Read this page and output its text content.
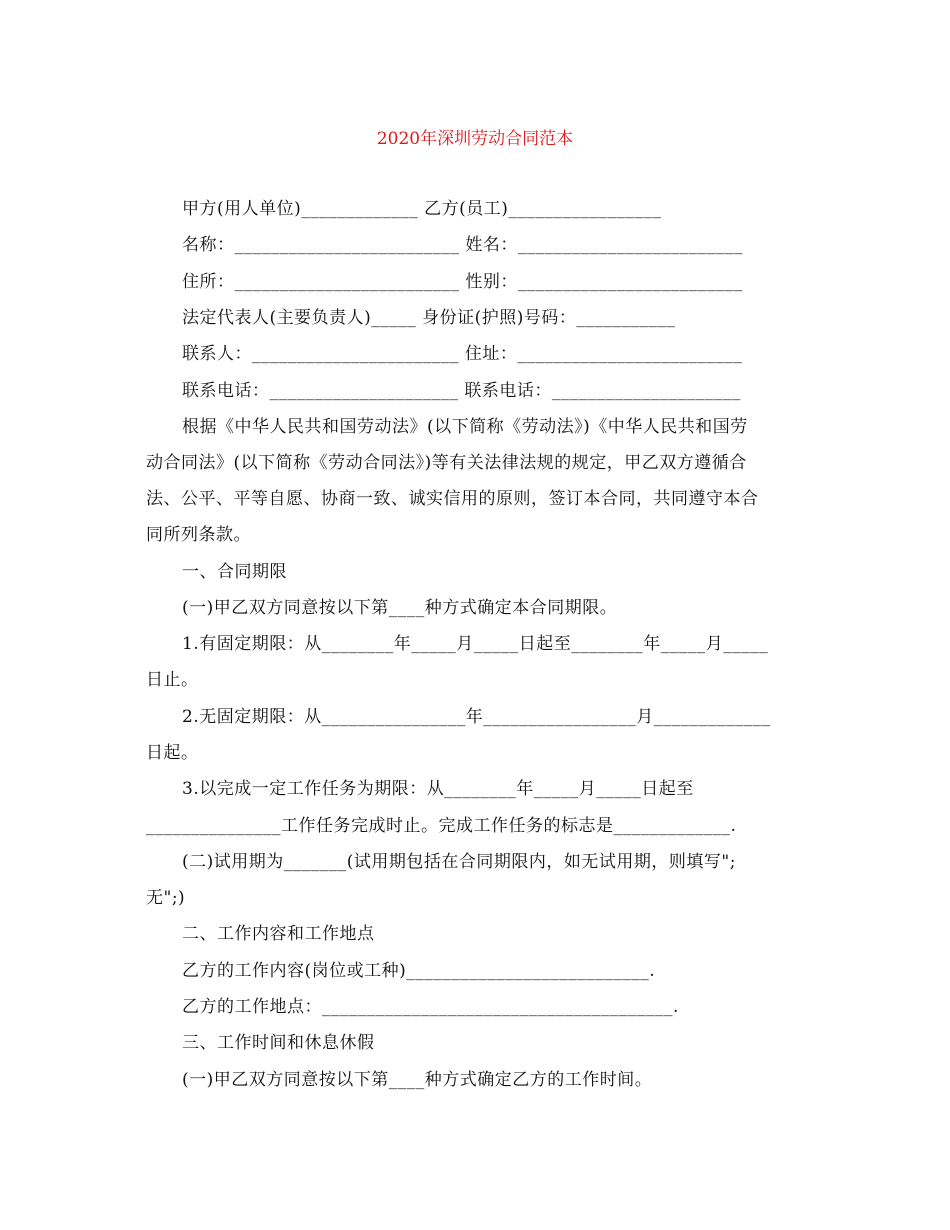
2020年深圳劳动合同范本
甲方(用人单位)_____________ 乙方(员工)_________________
名称：_________________________ 姓名：_________________________
住所：_________________________ 性别：_________________________
法定代表人(主要负责人)_____ 身份证(护照)号码：___________
联系人：_______________________ 住址：_________________________
联系电话：_____________________ 联系电话：_____________________
根据《中华人民共和国劳动法》(以下简称《劳动法》)《中华人民共和国劳
动合同法》(以下简称《劳动合同法》)等有关法律法规的规定，甲乙双方遵循合
法、公平、平等自愿、协商一致、诚实信用的原则，签订本合同，共同遵守本合
同所列条款。
一、合同期限
(一)甲乙双方同意按以下第____种方式确定本合同期限。
1.有固定期限：从________年_____月_____日起至________年_____月_____
日止。
2.无固定期限：从________________年_________________月_____________
日起。
3.以完成一定工作任务为期限：从________年_____月_____日起至
_______________工作任务完成时止。完成工作任务的标志是_____________.
(二)试用期为_______(试用期包括在合同期限内，如无试用期，则填写";
无";)
二、工作内容和工作地点
乙方的工作内容(岗位或工种)___________________________.
乙方的工作地点：_______________________________________.
三、工作时间和休息休假
(一)甲乙双方同意按以下第____种方式确定乙方的工作时间。
